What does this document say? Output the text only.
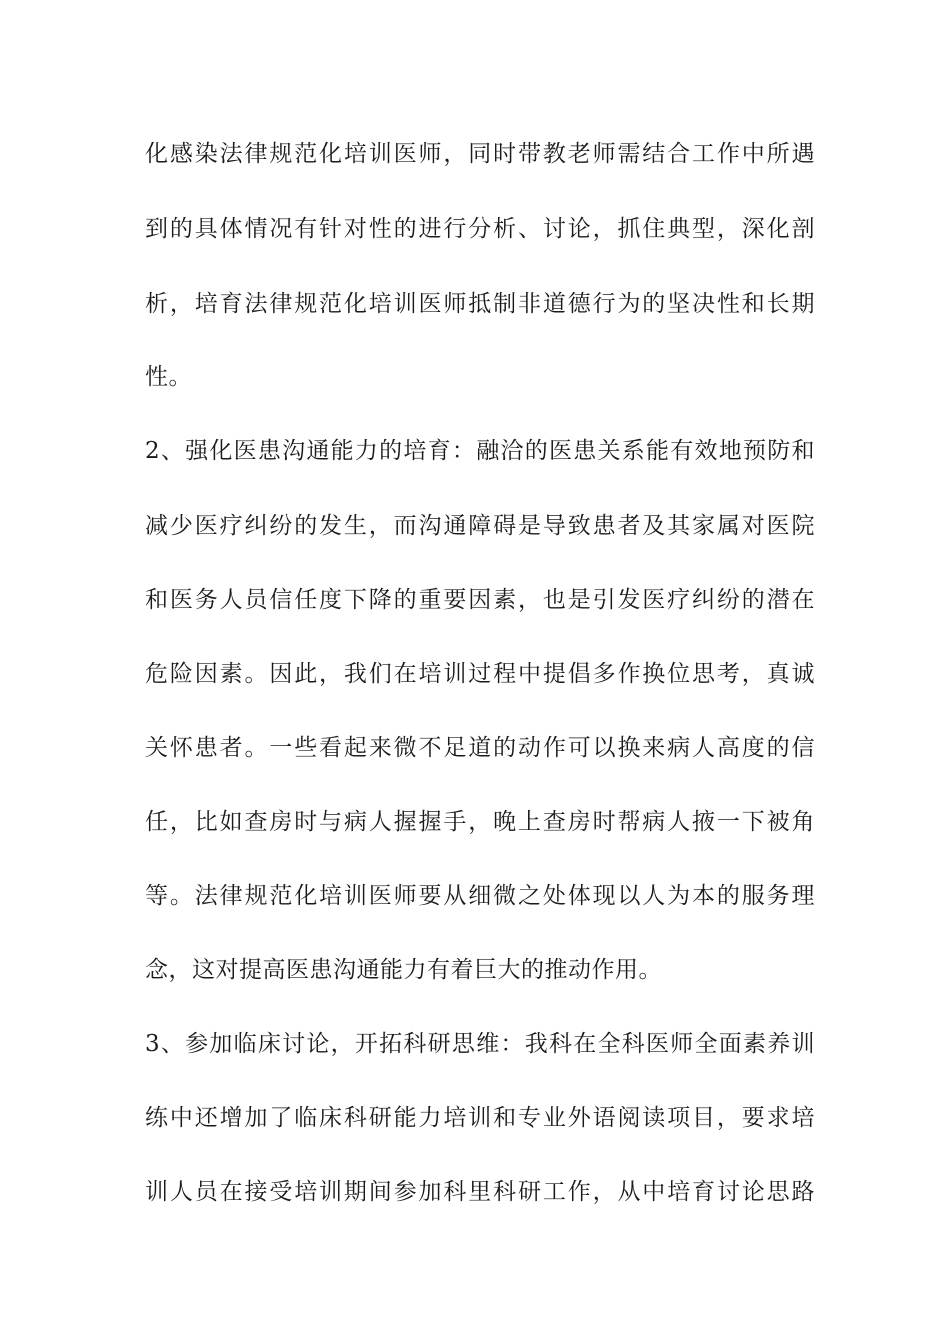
化感染法律规范化培训医师，同时带教老师需结合工作中所遇
到的具体情况有针对性的进行分析、讨论，抓住典型，深化剖
析，培育法律规范化培训医师抵制非道德行为的坚决性和长期
性。
2、强化医患沟通能力的培育：融洽的医患关系能有效地预防和
减少医疗纠纷的发生，而沟通障碍是导致患者及其家属对医院
和医务人员信任度下降的重要因素，也是引发医疗纠纷的潜在
危险因素。因此，我们在培训过程中提倡多作换位思考，真诚
关怀患者。一些看起来微不足道的动作可以换来病人高度的信
任，比如查房时与病人握握手，晚上查房时帮病人掖一下被角
等。法律规范化培训医师要从细微之处体现以人为本的服务理
念，这对提高医患沟通能力有着巨大的推动作用。
3、参加临床讨论，开拓科研思维：我科在全科医师全面素养训
练中还增加了临床科研能力培训和专业外语阅读项目，要求培
训人员在接受培训期间参加科里科研工作，从中培育讨论思路
